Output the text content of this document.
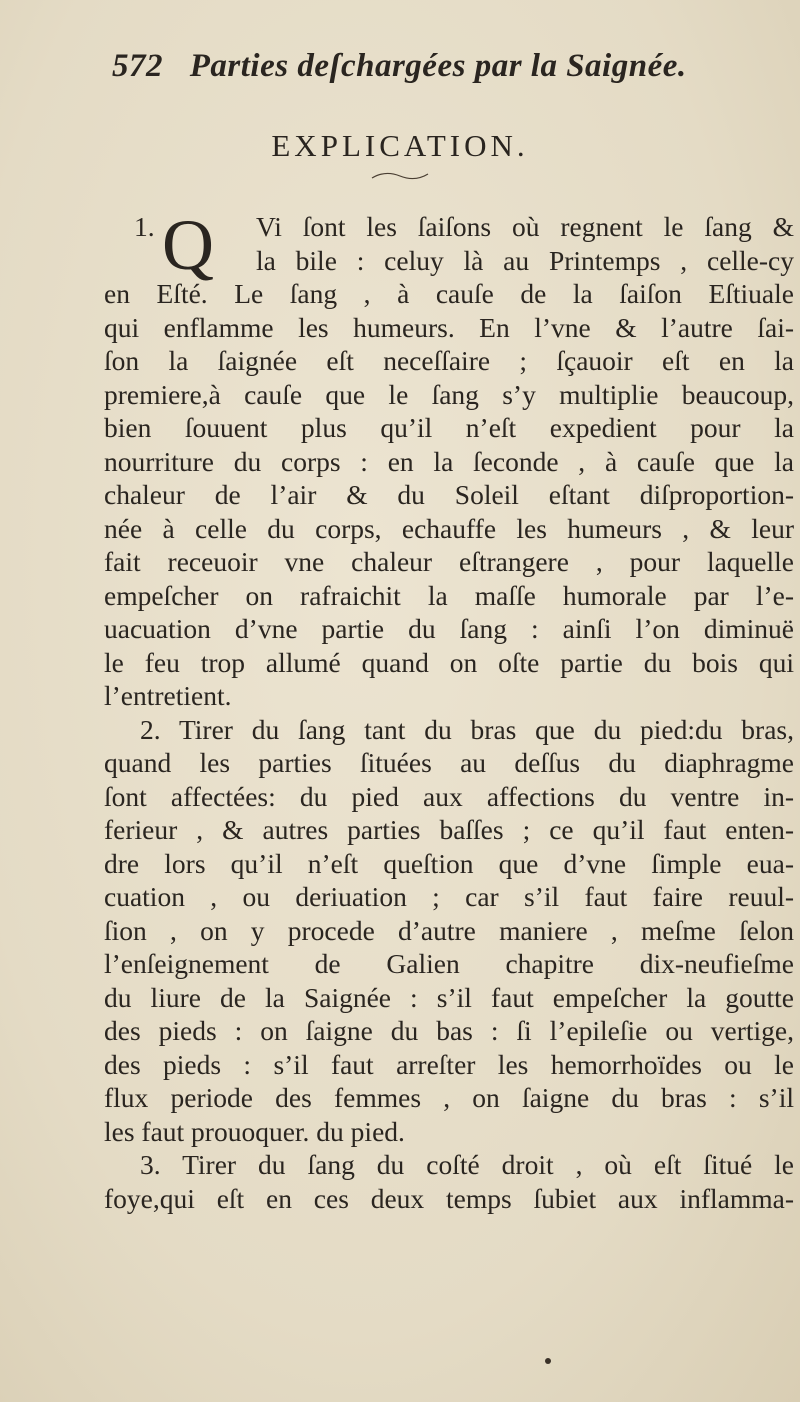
572 Parties deſchargées par la Saignée.
EXPLICATION.
Q
1.	Vi ſont les ſaiſons où regnent le ſang &
la bile : celuy là au Printemps , celle-cy
en Eſté. Le ſang , à cauſe de la ſaiſon Eſtiuale
qui enflamme les humeurs. En l’vne & l’autre ſai-
ſon la ſaignée eſt neceſſaire ; ſçauoir eſt en la
premiere,à cauſe que le ſang s’y multiplie beaucoup,
bien ſouuent plus qu’il n’eſt expedient pour la
nourriture du corps : en la ſeconde , à cauſe que la
chaleur de l’air & du Soleil eſtant diſproportion-
née à celle du corps, echauffe les humeurs , & leur
fait receuoir vne chaleur eſtrangere , pour laquelle
empeſcher on rafraichit la maſſe humorale par l’e-
uacuation d’vne partie du ſang : ainſi l’on diminuë
le feu trop allumé quand on oſte partie du bois qui
l’entretient.
2. Tirer du ſang tant du bras que du pied:du bras,
quand les parties ſituées au deſſus du diaphragme
ſont affectées: du pied aux affections du ventre in-
ferieur , & autres parties baſſes ; ce qu’il faut enten-
dre lors qu’il n’eſt queſtion que d’vne ſimple eua-
cuation , ou deriuation ; car s’il faut faire reuul-
ſion , on y procede d’autre maniere , meſme ſelon
l’enſeignement de Galien chapitre dix-neufieſme
du liure de la Saignée : s’il faut empeſcher la goutte
des pieds : on ſaigne du bas : ſi l’epileſie ou vertige,
des pieds : s’il faut arreſter les hemorrhoïdes ou le
flux periode des femmes , on ſaigne du bras : s’il
les faut prouoquer. du pied.
3. Tirer du ſang du coſté droit , où eſt ſitué le
foye,qui eſt en ces deux temps ſubiet aux inflamma-
